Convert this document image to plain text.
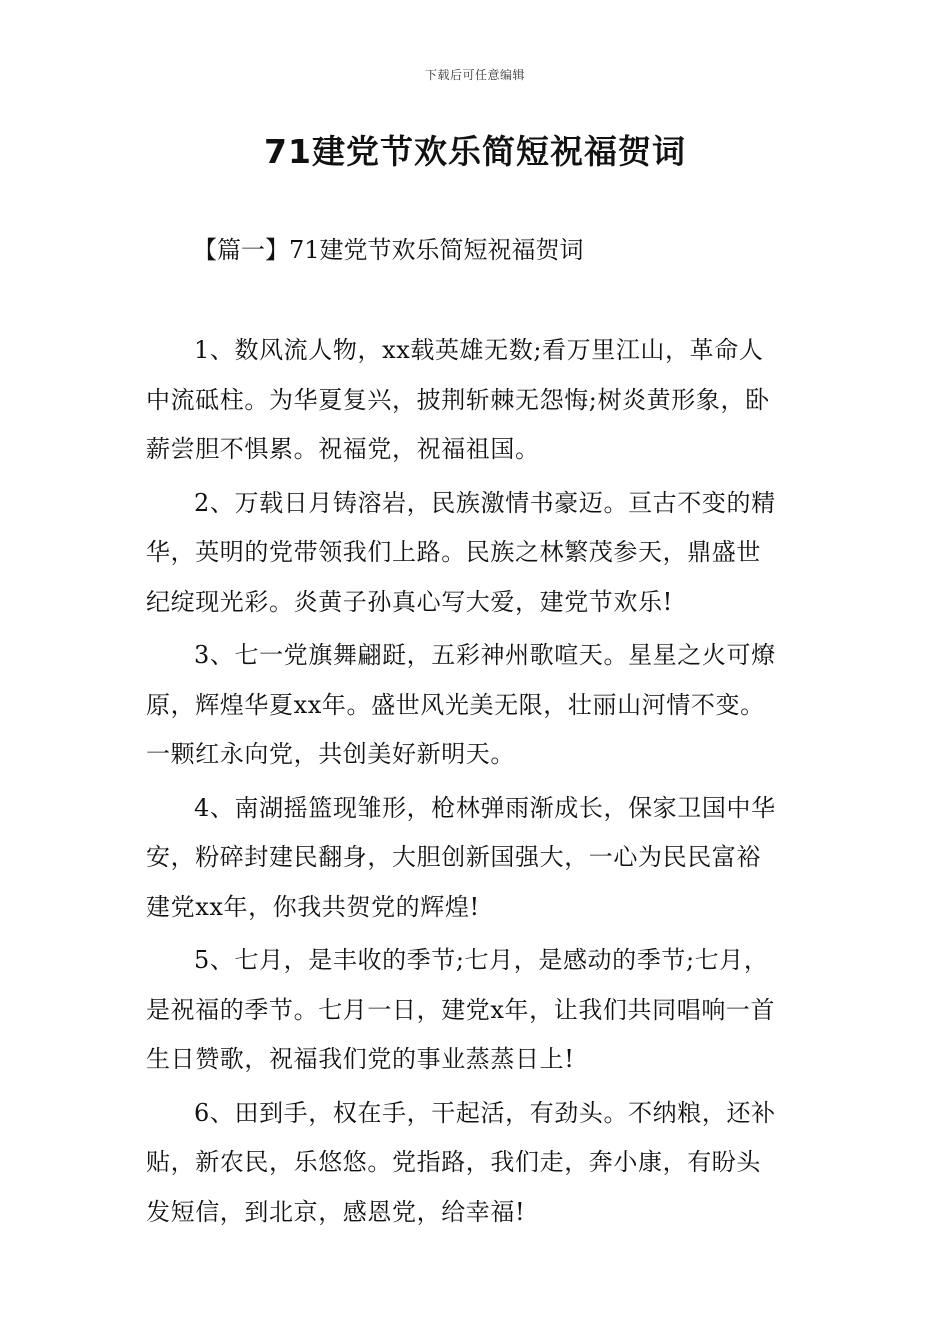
下载后可任意编辑
71建党节欢乐简短祝福贺词
【篇一】71建党节欢乐简短祝福贺词

1、数风流人物，xx载英雄无数;看万里江山，革命人
中流砥柱。为华夏复兴，披荆斩棘无怨悔;树炎黄形象，卧
薪尝胆不惧累。祝福党，祝福祖国。

2、万载日月铸溶岩，民族激情书豪迈。亘古不变的精
华，英明的党带领我们上路。民族之林繁茂参天，鼎盛世
纪绽现光彩。炎黄子孙真心写大爱，建党节欢乐!

3、七一党旗舞翩跹，五彩神州歌喧天。星星之火可燎
原，辉煌华夏xx年。盛世风光美无限，壮丽山河情不变。
一颗红永向党，共创美好新明天。

4、南湖摇篮现雏形，枪林弹雨渐成长，保家卫国中华
安，粉碎封建民翻身，大胆创新国强大，一心为民民富裕
建党xx年，你我共贺党的辉煌!

5、七月，是丰收的季节;七月，是感动的季节;七月，
是祝福的季节。七月一日，建党x年，让我们共同唱响一首
生日赞歌，祝福我们党的事业蒸蒸日上!

6、田到手，权在手，干起活，有劲头。不纳粮，还补
贴，新农民，乐悠悠。党指路，我们走，奔小康，有盼头
发短信，到北京，感恩党，给幸福!
